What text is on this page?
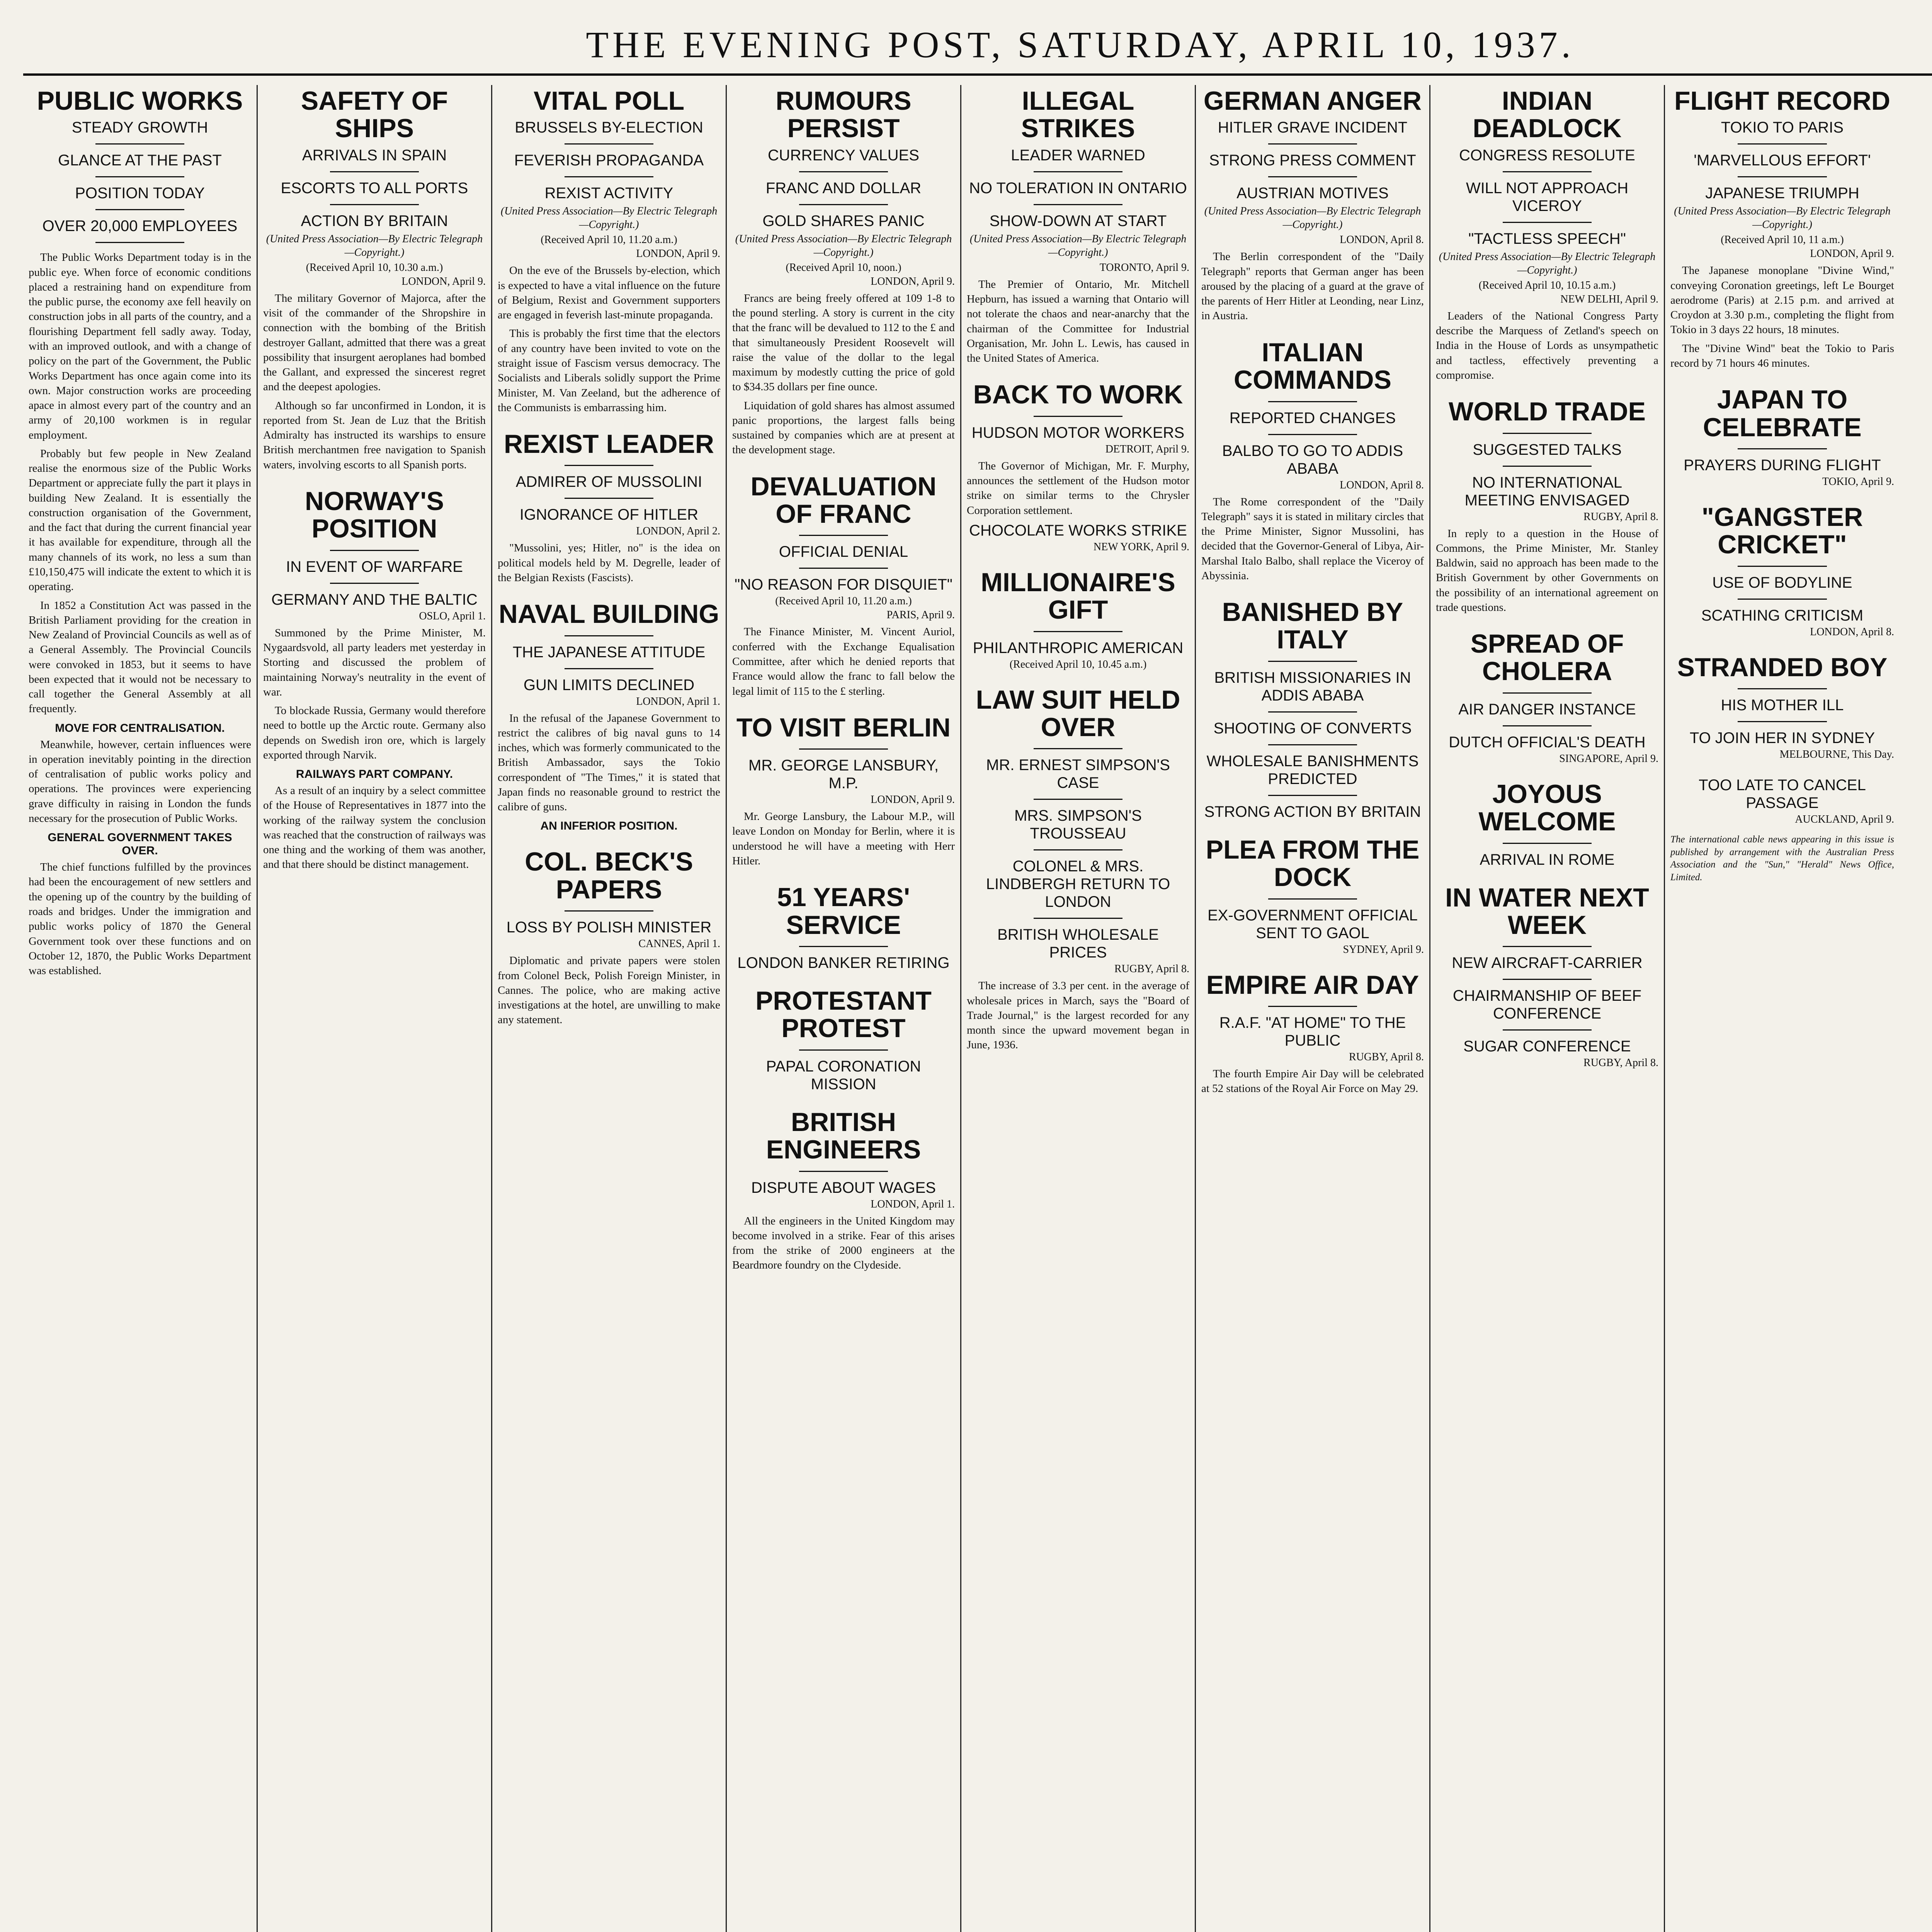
THE EVENING POST, SATURDAY, APRIL 10, 1937.
PUBLIC WORKS
STEADY GROWTH
GLANCE AT THE PAST
POSITION TODAY
OVER 20,000 EMPLOYEES

The Public Works Department today is in the public eye. When force of economic conditions placed a restraining hand on expenditure from the public purse, the economy axe fell heavily on construction jobs in all parts of the country, and a flourishing Department fell sadly away. Today, with an improved outlook, and with a change of policy on the part of the Government, the Public Works Department has once again come into its own. Major construction works are proceeding apace in almost every part of the country and an army of 20,100 workmen is in regular employment.

Probably but few people in New Zealand realise the enormous size of the Public Works Department or appreciate fully the part it plays in building New Zealand. It is essentially the construction organisation of the Government, and the fact that during the current financial year it has available for expenditure, through all the many channels of its work, no less a sum than £10,150,475 will indicate the extent to which it is operating.

In 1852 a Constitution Act was passed in the British Parliament providing for the creation in New Zealand of Provincial Councils as well as of a General Assembly. The Provincial Councils were convoked in 1853, but it seems to have been expected that it would not be necessary to call together the General Assembly at all frequently.

MOVE FOR CENTRALISATION.

Meanwhile, however, certain influences were in operation inevitably pointing in the direction of centralisation of public works policy and operations. The provinces were experiencing grave difficulty in raising in London the funds necessary for the prosecution of Public Works.

GENERAL GOVERNMENT TAKES OVER.

The chief functions fulfilled by the provinces had been the encouragement of new settlers and the opening up of the country by the building of roads and bridges. Under the immigration and public works policy of 1870 the General Government took over these functions and on October 12, 1870, the Public Works Department was established.

SAFETY OF SHIPS
ARRIVALS IN SPAIN
ESCORTS TO ALL PORTS
ACTION BY BRITAIN
(United Press Association—By Electric Telegraph—Copyright.)
(Received April 10, 10.30 a.m.)
LONDON, April 9.

The military Governor of Majorca, after the visit of the commander of the Shropshire in connection with the bombing of the British destroyer Gallant, admitted that there was a great possibility that insurgent aeroplanes had bombed the Gallant, and expressed the sincerest regret and the deepest apologies.

Although so far unconfirmed in London, it is reported from St. Jean de Luz that the British Admiralty has instructed its warships to ensure British merchantmen free navigation to Spanish waters, involving escorts to all Spanish ports.

NORWAY'S POSITION
IN EVENT OF WARFARE
GERMANY AND THE BALTIC
OSLO, April 1.

Summoned by the Prime Minister, M. Nygaardsvold, all party leaders met yesterday in Storting and discussed the problem of maintaining Norway's neutrality in the event of war.

To blockade Russia, Germany would therefore need to bottle up the Arctic route. Germany also depends on Swedish iron ore, which is largely exported through Narvik.

RAILWAYS PART COMPANY.

As a result of an inquiry by a select committee of the House of Representatives in 1877 into the working of the railway system the conclusion was reached that the construction of railways was one thing and the working of them was another, and that there should be distinct management.

VITAL POLL
BRUSSELS BY-ELECTION
FEVERISH PROPAGANDA
REXIST ACTIVITY
(United Press Association—By Electric Telegraph—Copyright.)
(Received April 10, 11.20 a.m.)
LONDON, April 9.

On the eve of the Brussels by-election, which is expected to have a vital influence on the future of Belgium, Rexist and Government supporters are engaged in feverish last-minute propaganda.

This is probably the first time that the electors of any country have been invited to vote on the straight issue of Fascism versus democracy. The Socialists and Liberals solidly support the Prime Minister, M. Van Zeeland, but the adherence of the Communists is embarrassing him.

REXIST LEADER
ADMIRER OF MUSSOLINI
IGNORANCE OF HITLER
LONDON, April 2.

"Mussolini, yes; Hitler, no" is the idea on political models held by M. Degrelle, leader of the Belgian Rexists (Fascists).

NAVAL BUILDING
THE JAPANESE ATTITUDE
GUN LIMITS DECLINED
LONDON, April 1.

In the refusal of the Japanese Government to restrict the calibres of big naval guns to 14 inches, which was formerly communicated to the British Ambassador, says the Tokio correspondent of "The Times," it is stated that Japan finds no reasonable ground to restrict the calibre of guns.

AN INFERIOR POSITION.
COL. BECK'S PAPERS
LOSS BY POLISH MINISTER
CANNES, April 1.

Diplomatic and private papers were stolen from Colonel Beck, Polish Foreign Minister, in Cannes. The police, who are making active investigations at the hotel, are unwilling to make any statement.

RUMOURS PERSIST
CURRENCY VALUES
FRANC AND DOLLAR
GOLD SHARES PANIC
(United Press Association—By Electric Telegraph—Copyright.)
(Received April 10, noon.)
LONDON, April 9.

Francs are being freely offered at 109 1-8 to the pound sterling. A story is current in the city that the franc will be devalued to 112 to the £ and that simultaneously President Roosevelt will raise the value of the dollar to the legal maximum by modestly cutting the price of gold to $34.35 dollars per fine ounce.

Liquidation of gold shares has almost assumed panic proportions, the largest falls being sustained by companies which are at present at the development stage.

DEVALUATION OF FRANC
OFFICIAL DENIAL
"NO REASON FOR DISQUIET"
(Received April 10, 11.20 a.m.)
PARIS, April 9.

The Finance Minister, M. Vincent Auriol, conferred with the Exchange Equalisation Committee, after which he denied reports that France would allow the franc to fall below the legal limit of 115 to the £ sterling.

TO VISIT BERLIN
MR. GEORGE LANSBURY, M.P.
LONDON, April 9.

Mr. George Lansbury, the Labour M.P., will leave London on Monday for Berlin, where it is understood he will have a meeting with Herr Hitler.

51 YEARS' SERVICE
LONDON BANKER RETIRING
PROTESTANT PROTEST
PAPAL CORONATION MISSION
BRITISH ENGINEERS
DISPUTE ABOUT WAGES
LONDON, April 1.

All the engineers in the United Kingdom may become involved in a strike. Fear of this arises from the strike of 2000 engineers at the Beardmore foundry on the Clydeside.

ILLEGAL STRIKES
LEADER WARNED
NO TOLERATION IN ONTARIO
SHOW-DOWN AT START
(United Press Association—By Electric Telegraph—Copyright.)
TORONTO, April 9.

The Premier of Ontario, Mr. Mitchell Hepburn, has issued a warning that Ontario will not tolerate the chaos and near-anarchy that the chairman of the Committee for Industrial Organisation, Mr. John L. Lewis, has caused in the United States of America.

BACK TO WORK
HUDSON MOTOR WORKERS
DETROIT, April 9.

The Governor of Michigan, Mr. F. Murphy, announces the settlement of the Hudson motor strike on similar terms to the Chrysler Corporation settlement.

CHOCOLATE WORKS STRIKE
NEW YORK, April 9.
MILLIONAIRE'S GIFT
PHILANTHROPIC AMERICAN
(Received April 10, 10.45 a.m.)
LAW SUIT HELD OVER
MR. ERNEST SIMPSON'S CASE
MRS. SIMPSON'S TROUSSEAU
COLONEL & MRS. LINDBERGH RETURN TO LONDON
BRITISH WHOLESALE PRICES
RUGBY, April 8.

The increase of 3.3 per cent. in the average of wholesale prices in March, says the "Board of Trade Journal," is the largest recorded for any month since the upward movement began in June, 1936.

GERMAN ANGER
HITLER GRAVE INCIDENT
STRONG PRESS COMMENT
AUSTRIAN MOTIVES
(United Press Association—By Electric Telegraph—Copyright.)
LONDON, April 8.

The Berlin correspondent of the "Daily Telegraph" reports that German anger has been aroused by the placing of a guard at the grave of the parents of Herr Hitler at Leonding, near Linz, in Austria.

ITALIAN COMMANDS
REPORTED CHANGES
BALBO TO GO TO ADDIS ABABA
LONDON, April 8.

The Rome correspondent of the "Daily Telegraph" says it is stated in military circles that the Prime Minister, Signor Mussolini, has decided that the Governor-General of Libya, Air-Marshal Italo Balbo, shall replace the Viceroy of Abyssinia.

BANISHED BY ITALY
BRITISH MISSIONARIES IN ADDIS ABABA
SHOOTING OF CONVERTS
WHOLESALE BANISHMENTS PREDICTED
STRONG ACTION BY BRITAIN
PLEA FROM THE DOCK
EX-GOVERNMENT OFFICIAL SENT TO GAOL
SYDNEY, April 9.
EMPIRE AIR DAY
R.A.F. "AT HOME" TO THE PUBLIC
RUGBY, April 8.

The fourth Empire Air Day will be celebrated at 52 stations of the Royal Air Force on May 29.

INDIAN DEADLOCK
CONGRESS RESOLUTE
WILL NOT APPROACH VICEROY
"TACTLESS SPEECH"
(United Press Association—By Electric Telegraph—Copyright.)
(Received April 10, 10.15 a.m.)
NEW DELHI, April 9.

Leaders of the National Congress Party describe the Marquess of Zetland's speech on India in the House of Lords as unsympathetic and tactless, effectively preventing a compromise.

WORLD TRADE
SUGGESTED TALKS
NO INTERNATIONAL MEETING ENVISAGED
RUGBY, April 8.

In reply to a question in the House of Commons, the Prime Minister, Mr. Stanley Baldwin, said no approach has been made to the British Government by other Governments on the possibility of an international agreement on trade questions.

SPREAD OF CHOLERA
AIR DANGER INSTANCE
DUTCH OFFICIAL'S DEATH
SINGAPORE, April 9.
JOYOUS WELCOME
ARRIVAL IN ROME
IN WATER NEXT WEEK
NEW AIRCRAFT-CARRIER
CHAIRMANSHIP OF BEEF CONFERENCE
SUGAR CONFERENCE
RUGBY, April 8.
FLIGHT RECORD
TOKIO TO PARIS
'MARVELLOUS EFFORT'
JAPANESE TRIUMPH
(United Press Association—By Electric Telegraph—Copyright.)
(Received April 10, 11 a.m.)
LONDON, April 9.

The Japanese monoplane "Divine Wind," conveying Coronation greetings, left Le Bourget aerodrome (Paris) at 2.15 p.m. and arrived at Croydon at 3.30 p.m., completing the flight from Tokio in 3 days 22 hours, 18 minutes.

The "Divine Wind" beat the Tokio to Paris record by 71 hours 46 minutes.

JAPAN TO CELEBRATE
PRAYERS DURING FLIGHT
TOKIO, April 9.
"GANGSTER CRICKET"
USE OF BODYLINE
SCATHING CRITICISM
LONDON, April 8.
STRANDED BOY
HIS MOTHER ILL
TO JOIN HER IN SYDNEY
MELBOURNE, This Day.
TOO LATE TO CANCEL PASSAGE
AUCKLAND, April 9.
The international cable news appearing in this issue is published by arrangement with the Australian Press Association and the "Sun," "Herald" News Office, Limited.
